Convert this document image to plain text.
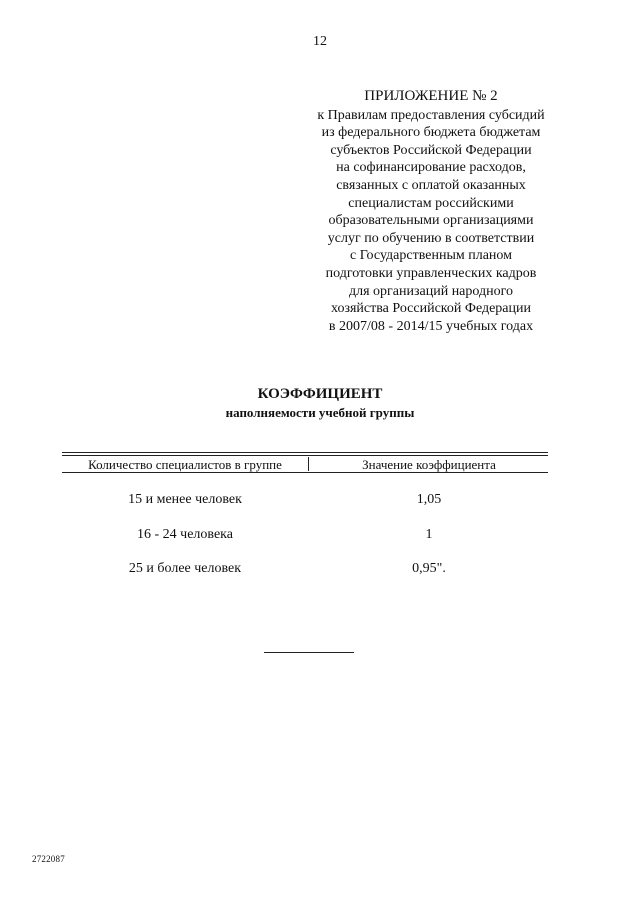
12
ПРИЛОЖЕНИЕ № 2
к Правилам предоставления субсидий
из федерального бюджета бюджетам
субъектов Российской Федерации
на софинансирование расходов,
связанных с оплатой оказанных
специалистам российскими
образовательными организациями
услуг по обучению в соответствии
с Государственным планом
подготовки управленческих кадров
для организаций народного
хозяйства Российской Федерации
в 2007/08 - 2014/15 учебных годах
КОЭФФИЦИЕНТ
наполняемости учебной группы
Количество специалистов в группе	Значение коэффициента
15 и менее человек	1,05
16 - 24 человека	1
25 и более человек	0,95".
2722087
